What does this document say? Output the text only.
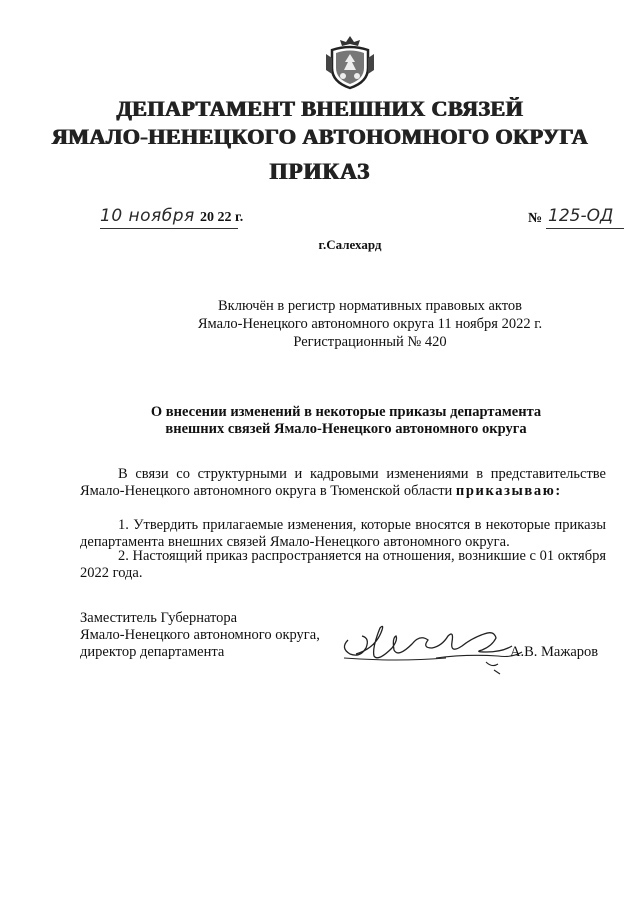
ДЕПАРТАМЕНТ ВНЕШНИХ СВЯЗЕЙ
ЯМАЛО-НЕНЕЦКОГО АВТОНОМНОГО ОКРУГА
ПРИКАЗ
10 ноября 20 22 г.	№ 125-ОД
г.Салехард
Включён в регистр нормативных правовых актов
Ямало-Ненецкого автономного округа 11 ноября 2022 г.
Регистрационный № 420
О внесении изменений в некоторые приказы департамента
внешних связей Ямало-Ненецкого автономного округа
В связи со структурными и кадровыми изменениями в представительстве Ямало-Ненецкого автономного округа в Тюменской области приказываю:
1. Утвердить прилагаемые изменения, которые вносятся в некоторые приказы департамента внешних связей Ямало-Ненецкого автономного округа.
2. Настоящий приказ распространяется на отношения, возникшие с 01 октября 2022 года.
Заместитель Губернатора
Ямало-Ненецкого автономного округа,
директор департамента	А.В. Мажаров
